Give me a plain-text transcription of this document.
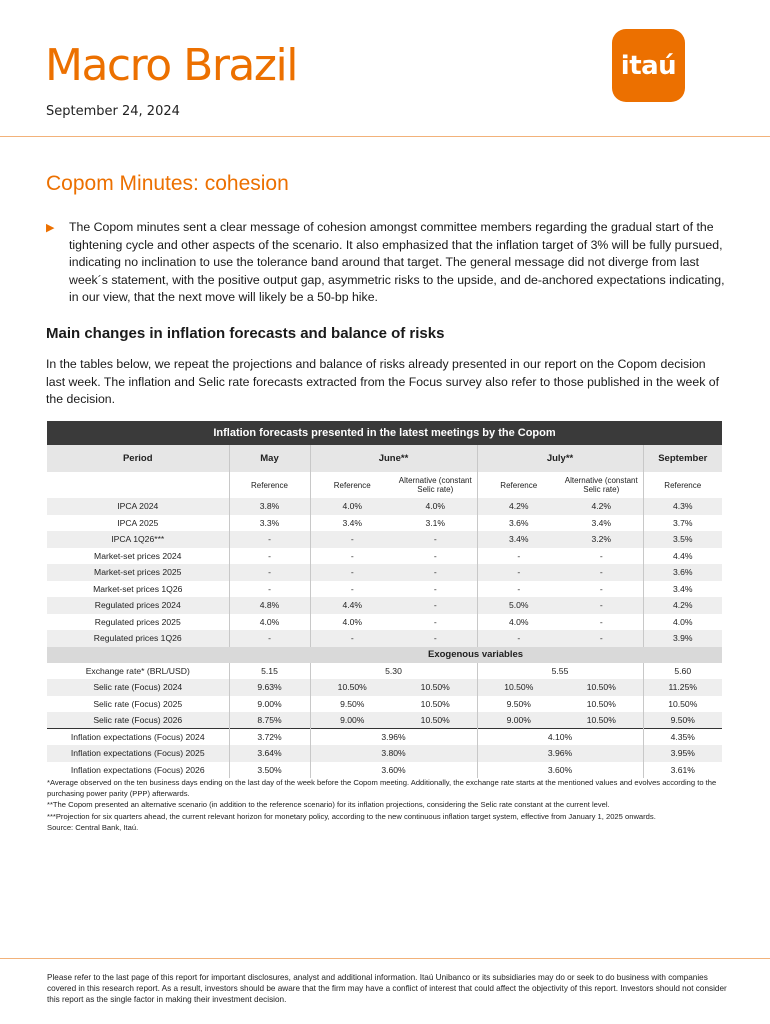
Macro Brazil
September 24, 2024
itaú
Copom Minutes: cohesion
▶ The Copom minutes sent a clear message of cohesion amongst committee members regarding the gradual start of the tightening cycle and other aspects of the scenario. It also emphasized that the inflation target of 3% will be fully pursued, indicating no inclination to use the tolerance band around that target. The general message did not diverge from last week´s statement, with the positive output gap, asymmetric risks to the upside, and de-anchored expectations indicating, in our view, that the next move will likely be a 50-bp hike.
Main changes in inflation forecasts and balance of risks
In the tables below, we repeat the projections and balance of risks already presented in our report on the Copom decision last week. The inflation and Selic rate forecasts extracted from the Focus survey also refer to those published in the week of the decision.
Inflation forecasts presented in the latest meetings by the Copom
Period	May	June**		July**		September
	Reference	Reference	Alternative (constant Selic rate)	Reference	Alternative (constant Selic rate)	Reference
IPCA 2024	3.8%	4.0%	4.0%	4.2%	4.2%	4.3%
IPCA 2025	3.3%	3.4%	3.1%	3.6%	3.4%	3.7%
IPCA 1Q26***	-	-	-	3.4%	3.2%	3.5%
Market-set prices 2024	-	-	-	-	-	4.4%
Market-set prices 2025	-	-	-	-	-	3.6%
Market-set prices 1Q26	-	-	-	-	-	3.4%
Regulated prices 2024	4.8%	4.4%	-	5.0%	-	4.2%
Regulated prices 2025	4.0%	4.0%	-	4.0%	-	4.0%
Regulated prices 1Q26	-	-	-	-	-	3.9%
	Exogenous variables					
Exchange rate* (BRL/USD)	5.15	5.30		5.55		5.60
Selic rate (Focus) 2024	9.63%	10.50%	10.50%	10.50%	10.50%	11.25%
Selic rate (Focus) 2025	9.00%	9.50%	10.50%	9.50%	10.50%	10.50%
Selic rate (Focus) 2026	8.75%	9.00%	10.50%	9.00%	10.50%	9.50%
Inflation expectations (Focus) 2024	3.72%	3.96%		4.10%		4.35%
Inflation expectations (Focus) 2025	3.64%	3.80%		3.96%		3.95%
Inflation expectations (Focus) 2026	3.50%	3.60%		3.60%		3.61%
*Average observed on the ten business days ending on the last day of the week before the Copom meeting. Additionally, the exchange rate starts at the mentioned values and evolves according to the purchasing power parity (PPP) afterwards.
**The Copom presented an alternative scenario (in addition to the reference scenario) for its inflation projections, considering the Selic rate constant at the current level.
***Projection for six quarters ahead, the current relevant horizon for monetary policy, according to the new continuous inflation target system, effective from January 1, 2025 onwards.
Source: Central Bank, Itaú.
Please refer to the last page of this report for important disclosures, analyst and additional information. Itaú Unibanco or its subsidiaries may do or seek to do business with companies covered in this research report. As a result, investors should be aware that the firm may have a conflict of interest that could affect the objectivity of this report. Investors should not consider this report as the single factor in making their investment decision.
